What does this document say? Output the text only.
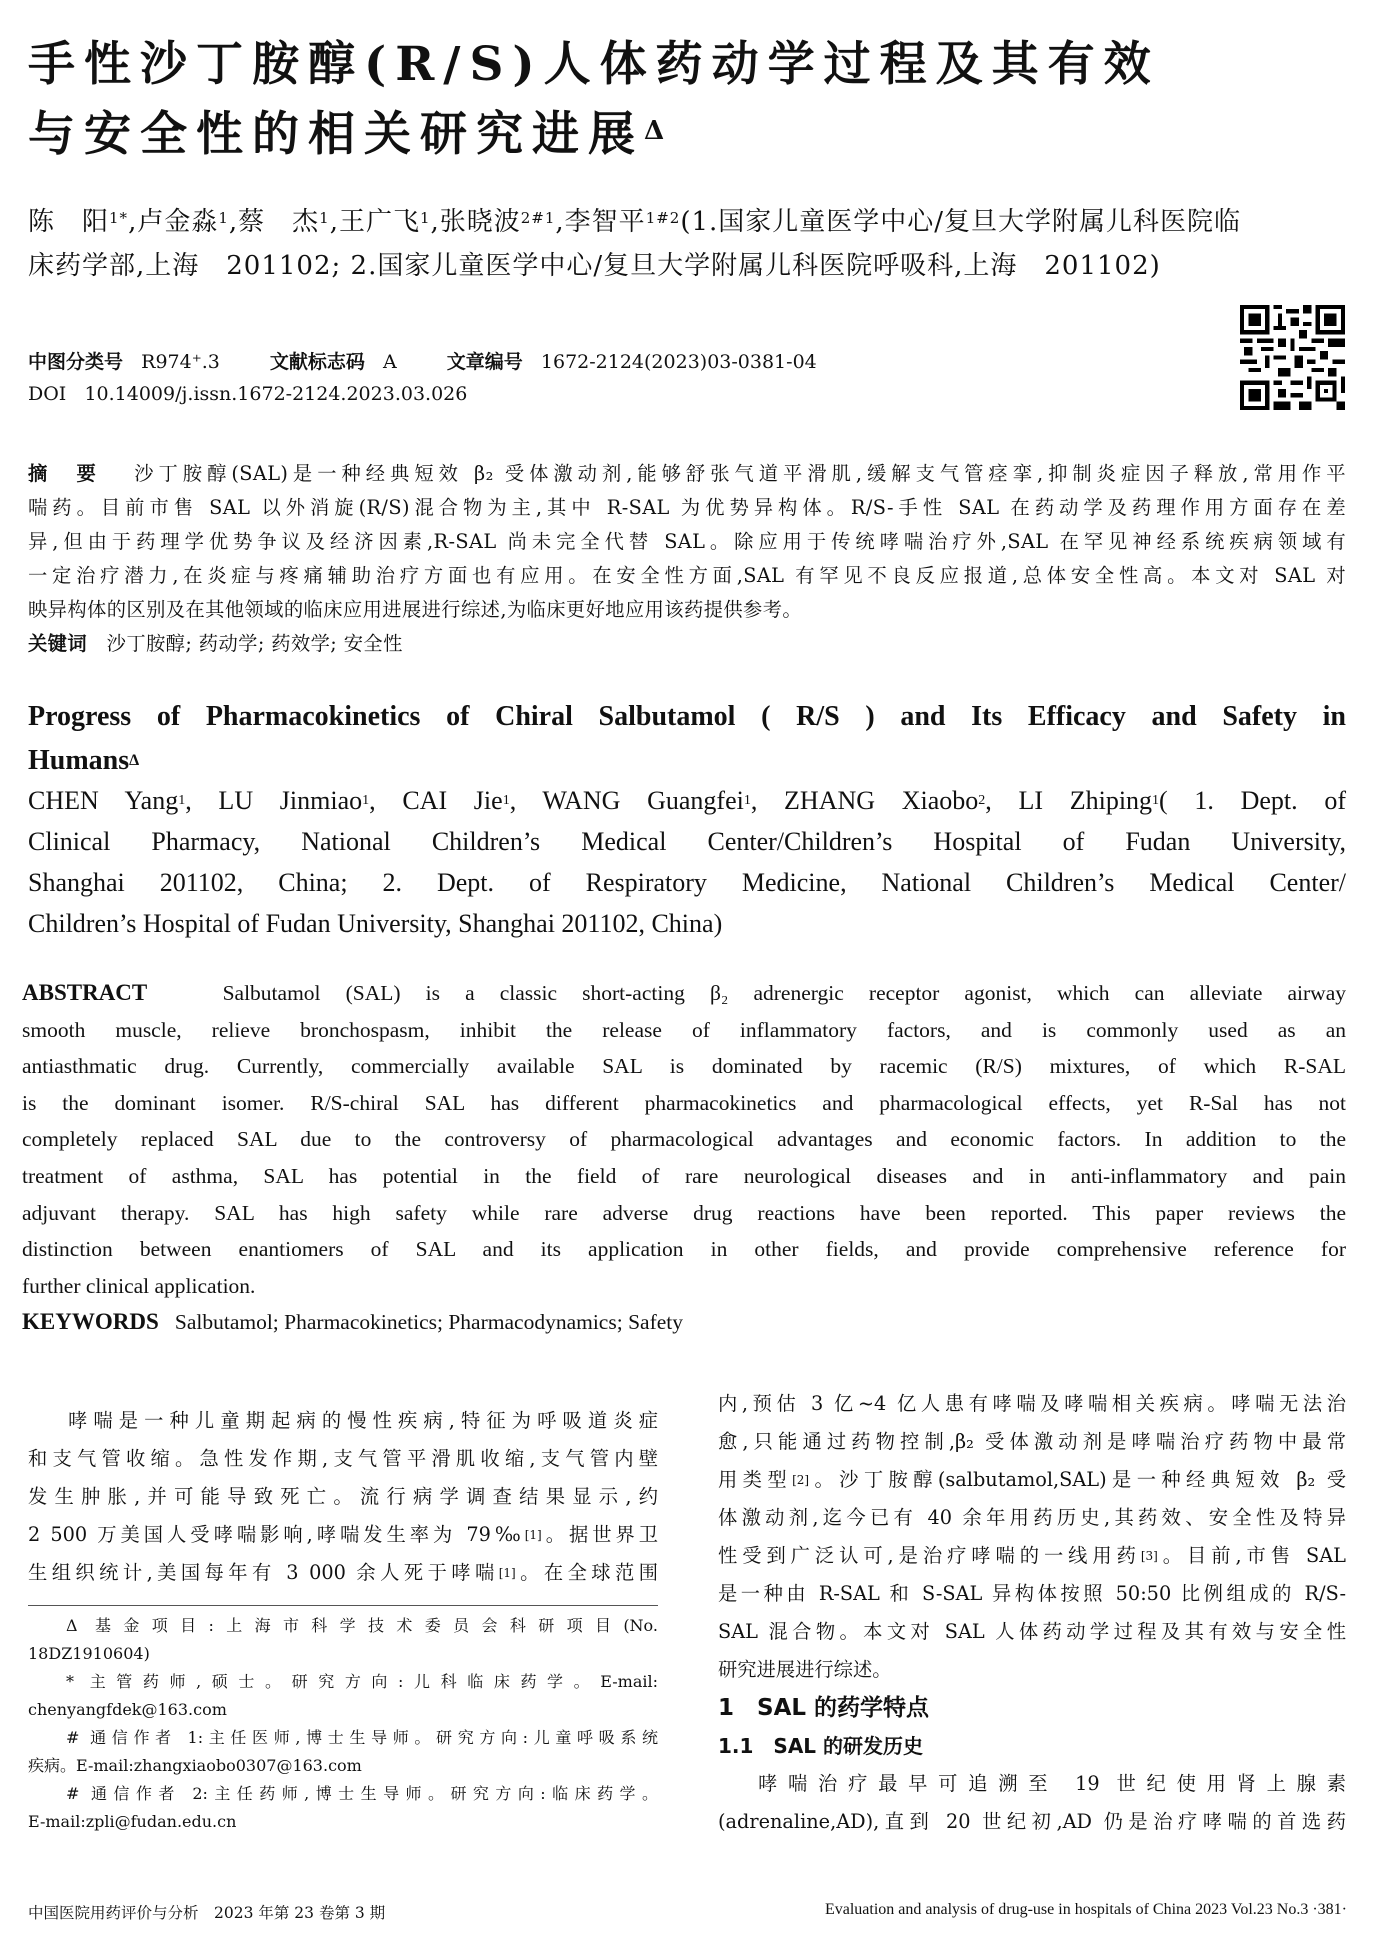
手性沙丁胺醇(R/S)人体药动学过程及其有效
与安全性的相关研究进展$^\Delta$
陈　阳$^{1*}$,卢金淼$^1$,蔡　杰$^1$,王广飞$^1$,张晓波$^{2\#1}$,李智平$^{1\#2}$(1.国家儿童医学中心/复旦大学附属儿科医院临
床药学部,上海　201102; 2.国家儿童医学中心/复旦大学附属儿科医院呼吸科,上海　201102)
中图分类号 R974⁺.3	文献标志码 A	文章编号 1672-2124(2023)03-0381-04
DOI 10.14009/j.issn.1672-2124.2023.03.026
摘　要 沙丁胺醇(SAL)是一种经典短效 β₂ 受体激动剂,能够舒张气道平滑肌,缓解支气管痉挛,抑制炎症因子释放,常用作平
喘药。目前市售 SAL 以外消旋(R/S)混合物为主,其中 R-SAL 为优势异构体。R/S-手性 SAL 在药动学及药理作用方面存在差
异,但由于药理学优势争议及经济因素,R-SAL 尚未完全代替 SAL。除应用于传统哮喘治疗外,SAL 在罕见神经系统疾病领域有
一定治疗潜力,在炎症与疼痛辅助治疗方面也有应用。在安全性方面,SAL 有罕见不良反应报道,总体安全性高。本文对 SAL 对
映异构体的区别及在其他领域的临床应用进展进行综述,为临床更好地应用该药提供参考。
关键词 沙丁胺醇; 药动学; 药效学; 安全性
Progress of Pharmacokinetics of Chiral Salbutamol ( R/S ) and Its Efficacy and Safety in
Humans$^\Delta$
CHEN Yang$^1$, LU Jinmiao$^1$, CAI Jie$^1$, WANG Guangfei$^1$, ZHANG Xiaobo$^2$, LI Zhiping$^1$( 1. Dept. of
Clinical Pharmacy, National Children’s Medical Center/Children’s Hospital of Fudan University,
Shanghai 201102, China; 2. Dept. of Respiratory Medicine, National Children’s Medical Center/
Children’s Hospital of Fudan University, Shanghai 201102, China)
ABSTRACT	Salbutamol (SAL) is a classic short-acting β₂ adrenergic receptor agonist, which can alleviate airway
smooth muscle, relieve bronchospasm, inhibit the release of inflammatory factors, and is commonly used as an
antiasthmatic drug. Currently, commercially available SAL is dominated by racemic (R/S) mixtures, of which R-SAL
is the dominant isomer. R/S-chiral SAL has different pharmacokinetics and pharmacological effects, yet R-Sal has not
completely replaced SAL due to the controversy of pharmacological advantages and economic factors. In addition to the
treatment of asthma, SAL has potential in the field of rare neurological diseases and in anti-inflammatory and pain
adjuvant therapy. SAL has high safety while rare adverse drug reactions have been reported. This paper reviews the
distinction between enantiomers of SAL and its application in other fields, and provide comprehensive reference for
further clinical application.
KEYWORDS Salbutamol; Pharmacokinetics; Pharmacodynamics; Safety
哮喘是一种儿童期起病的慢性疾病,特征为呼吸道炎症
和支气管收缩。急性发作期,支气管平滑肌收缩,支气管内壁
发生肿胀,并可能导致死亡。流行病学调查结果显示,约
2 500 万美国人受哮喘影响,哮喘发生率为 79‰[1]。据世界卫
生组织统计,美国每年有 3 000 余人死于哮喘[1]。在全球范围
Δ 基金项目:上海市科学技术委员会科研项目(No.
18DZ1910604)
* 主管药师,硕士。研究方向:儿科临床药学。E-mail:
chenyangfdek@163.com
# 通信作者 1:主任医师,博士生导师。研究方向:儿童呼吸系统
疾病。E-mail:zhangxiaobo0307@163.com
# 通信作者 2:主任药师,博士生导师。研究方向:临床药学。
E-mail:zpli@fudan.edu.cn
内,预估 3 亿~4 亿人患有哮喘及哮喘相关疾病。哮喘无法治
愈,只能通过药物控制,β₂ 受体激动剂是哮喘治疗药物中最常
用类型[2]。沙丁胺醇(salbutamol,SAL)是一种经典短效 β₂ 受
体激动剂,迄今已有 40 余年用药历史,其药效、安全性及特异
性受到广泛认可,是治疗哮喘的一线用药[3]。目前,市售 SAL
是一种由 R-SAL 和 S-SAL 异构体按照 50:50 比例组成的 R/S-
SAL 混合物。本文对 SAL 人体药动学过程及其有效与安全性
研究进展进行综述。
1　SAL 的药学特点
1.1　SAL 的研发历史
哮喘治疗最早可追溯至 19 世纪使用肾上腺素
(adrenaline,AD),直到 20 世纪初,AD 仍是治疗哮喘的首选药
中国医院用药评价与分析　2023 年第 23 卷第 3 期	Evaluation and analysis of drug-use in hospitals of China 2023 Vol.23 No.3 ·381·
